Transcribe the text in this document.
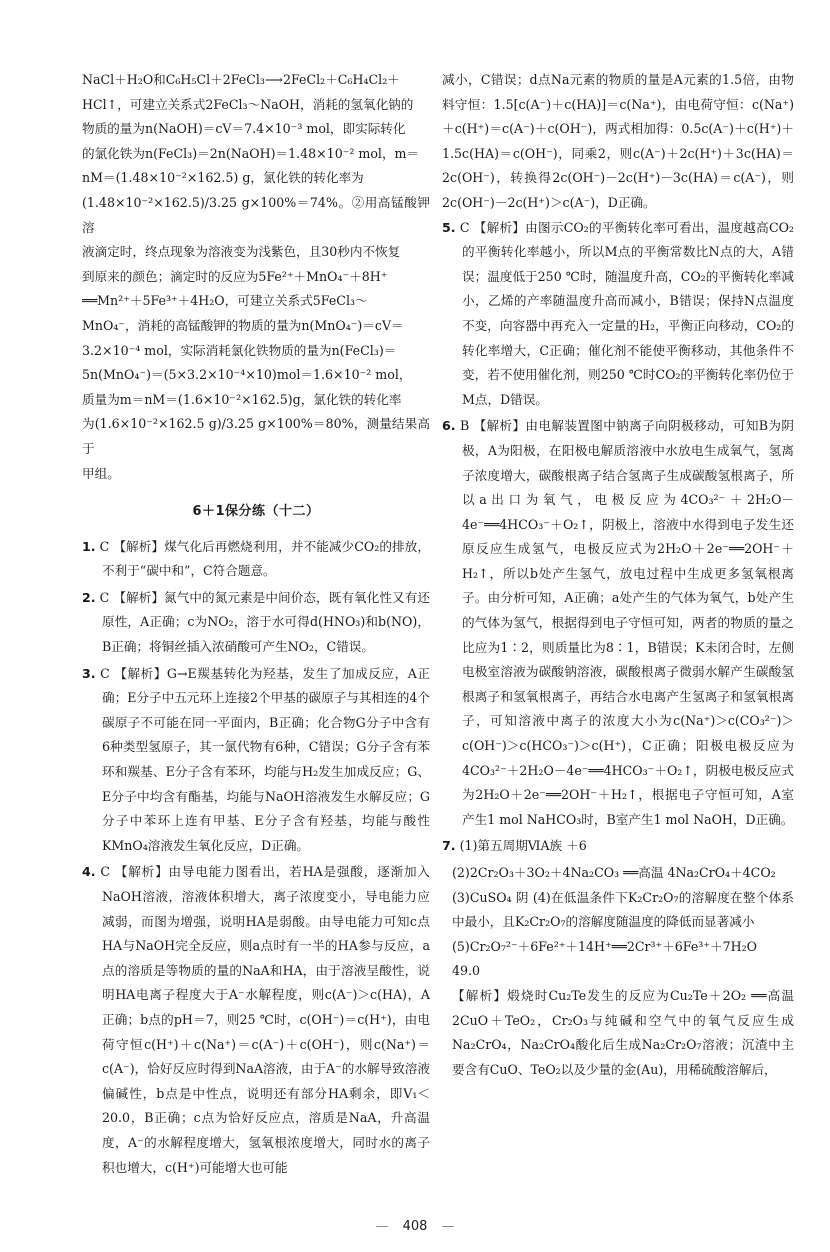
NaCl＋H₂O和C₆H₅Cl＋2FeCl₃⟶2FeCl₂＋C₆H₄Cl₂＋

HCl↑，可建立关系式2FeCl₃～NaOH，消耗的氢氧化钠的

物质的量为n(NaOH)＝cV＝7.4×10⁻³ mol，即实际转化

的氯化铁为n(FeCl₃)＝2n(NaOH)＝1.48×10⁻² mol，m＝

nM＝(1.48×10⁻²×162.5) g，氯化铁的转化率为

(1.48×10⁻²×162.5)/3.25 g×100%＝74%。②用高锰酸钾溶

液滴定时，终点现象为溶液变为浅紫色，且30秒内不恢复

到原来的颜色；滴定时的反应为5Fe²⁺＋MnO₄⁻＋8H⁺

══Mn²⁺＋5Fe³⁺＋4H₂O，可建立关系式5FeCl₃～

MnO₄⁻，消耗的高锰酸钾的物质的量为n(MnO₄⁻)＝cV＝

3.2×10⁻⁴ mol，实际消耗氯化铁物质的量为n(FeCl₃)＝

5n(MnO₄⁻)＝(5×3.2×10⁻⁴×10)mol＝1.6×10⁻² mol，

质量为m＝nM＝(1.6×10⁻²×162.5)g，氯化铁的转化率

为(1.6×10⁻²×162.5 g)/3.25 g×100%＝80%，测量结果高于

甲组。

6＋1保分练（十二）
1. C 【解析】煤气化后再燃烧利用，并不能减少CO₂的排放，不利于“碳中和”，C符合题意。
2. C 【解析】氮气中的氮元素是中间价态，既有氧化性又有还原性，A正确；c为NO₂，溶于水可得d(HNO₃)和b(NO)，B正确；将铜丝插入浓硝酸可产生NO₂，C错误。
3. C 【解析】G→E羰基转化为羟基，发生了加成反应，A正确；E分子中五元环上连接2个甲基的碳原子与其相连的4个碳原子不可能在同一平面内，B正确；化合物G分子中含有6种类型氢原子，其一氯代物有6种，C错误；G分子含有苯环和羰基、E分子含有苯环，均能与H₂发生加成反应；G、E分子中均含有酯基，均能与NaOH溶液发生水解反应；G分子中苯环上连有甲基、E分子含有羟基，均能与酸性KMnO₄溶液发生氧化反应，D正确。
4. C 【解析】由导电能力图看出，若HA是强酸，逐渐加入NaOH溶液，溶液体积增大，离子浓度变小，导电能力应减弱，而图为增强，说明HA是弱酸。由导电能力可知c点HA与NaOH完全反应，则a点时有一半的HA参与反应，a点的溶质是等物质的量的NaA和HA，由于溶液呈酸性，说明HA电离子程度大于A⁻水解程度，则c(A⁻)＞c(HA)，A正确；b点的pH＝7，则25 ℃时，c(OH⁻)＝c(H⁺)，由电荷守恒c(H⁺)＋c(Na⁺)＝c(A⁻)＋c(OH⁻)，则c(Na⁺)＝c(A⁻)，恰好反应时得到NaA溶液，由于A⁻的水解导致溶液偏碱性，b点是中性点，说明还有部分HA剩余，即V₁＜20.0，B正确；c点为恰好反应点，溶质是NaA，升高温度，A⁻的水解程度增大，氢氧根浓度增大，同时水的离子积也增大，c(H⁺)可能增大也可能

减小，C错误；d点Na元素的物质的量是A元素的1.5倍，由物料守恒：1.5[c(A⁻)＋c(HA)]＝c(Na⁺)，由电荷守恒：c(Na⁺)＋c(H⁺)＝c(A⁻)＋c(OH⁻)，两式相加得：0.5c(A⁻)＋c(H⁺)＋1.5c(HA)＝c(OH⁻)，同乘2，则c(A⁻)＋2c(H⁺)＋3c(HA)＝2c(OH⁻)，转换得2c(OH⁻)－2c(H⁺)－3c(HA)＝c(A⁻)，则2c(OH⁻)－2c(H⁺)＞c(A⁻)，D正确。

5. C 【解析】由图示CO₂的平衡转化率可看出，温度越高CO₂的平衡转化率越小，所以M点的平衡常数比N点的大，A错误；温度低于250 ℃时，随温度升高，CO₂的平衡转化率减小，乙烯的产率随温度升高而减小，B错误；保持N点温度不变，向容器中再充入一定量的H₂，平衡正向移动，CO₂的转化率增大，C正确；催化剂不能使平衡移动，其他条件不变，若不使用催化剂，则250 ℃时CO₂的平衡转化率仍位于M点，D错误。
6. B 【解析】由电解装置图中钠离子向阴极移动，可知B为阴极，A为阳极，在阳极电解质溶液中水放电生成氧气，氢离子浓度增大，碳酸根离子结合氢离子生成碳酸氢根离子，所以a出口为氧气，电极反应为4CO₃²⁻＋2H₂O－4e⁻══4HCO₃⁻＋O₂↑，阴极上，溶液中水得到电子发生还原反应生成氢气，电极反应式为2H₂O＋2e⁻══2OH⁻＋H₂↑，所以b处产生氢气，放电过程中生成更多氢氧根离子。由分析可知，A正确；a处产生的气体为氧气，b处产生的气体为氢气，根据得到电子守恒可知，两者的物质的量之比应为1∶2，则质量比为8∶1，B错误；K未闭合时，左侧电极室溶液为碳酸钠溶液，碳酸根离子微弱水解产生碳酸氢根离子和氢氧根离子，再结合水电离产生氢离子和氢氧根离子，可知溶液中离子的浓度大小为c(Na⁺)＞c(CO₃²⁻)＞c(OH⁻)＞c(HCO₃⁻)＞c(H⁺)，C正确；阳极电极反应为4CO₃²⁻＋2H₂O－4e⁻══4HCO₃⁻＋O₂↑，阴极电极反应式为2H₂O＋2e⁻══2OH⁻＋H₂↑，根据电子守恒可知，A室产生1 mol NaHCO₃时，B室产生1 mol NaOH，D正确。
7. (1)第五周期ⅥA族 ＋6

(2)2Cr₂O₃＋3O₂＋4Na₂CO₃ ══高温 4Na₂CrO₄＋4CO₂

(3)CuSO₄ 阴 (4)在低温条件下K₂Cr₂O₇的溶解度在整个体系中最小，且K₂Cr₂O₇的溶解度随温度的降低而显著减小

(5)Cr₂O₇²⁻＋6Fe²⁺＋14H⁺══2Cr³⁺＋6Fe³⁺＋7H₂O

49.0

【解析】煅烧时Cu₂Te发生的反应为Cu₂Te＋2O₂ ══高温 2CuO＋TeO₂，Cr₂O₃与纯碱和空气中的氧气反应生成Na₂CrO₄，Na₂CrO₄酸化后生成Na₂Cr₂O₇溶液；沉渣中主要含有CuO、TeO₂以及少量的金(Au)，用稀硫酸溶解后，

— 408 —
